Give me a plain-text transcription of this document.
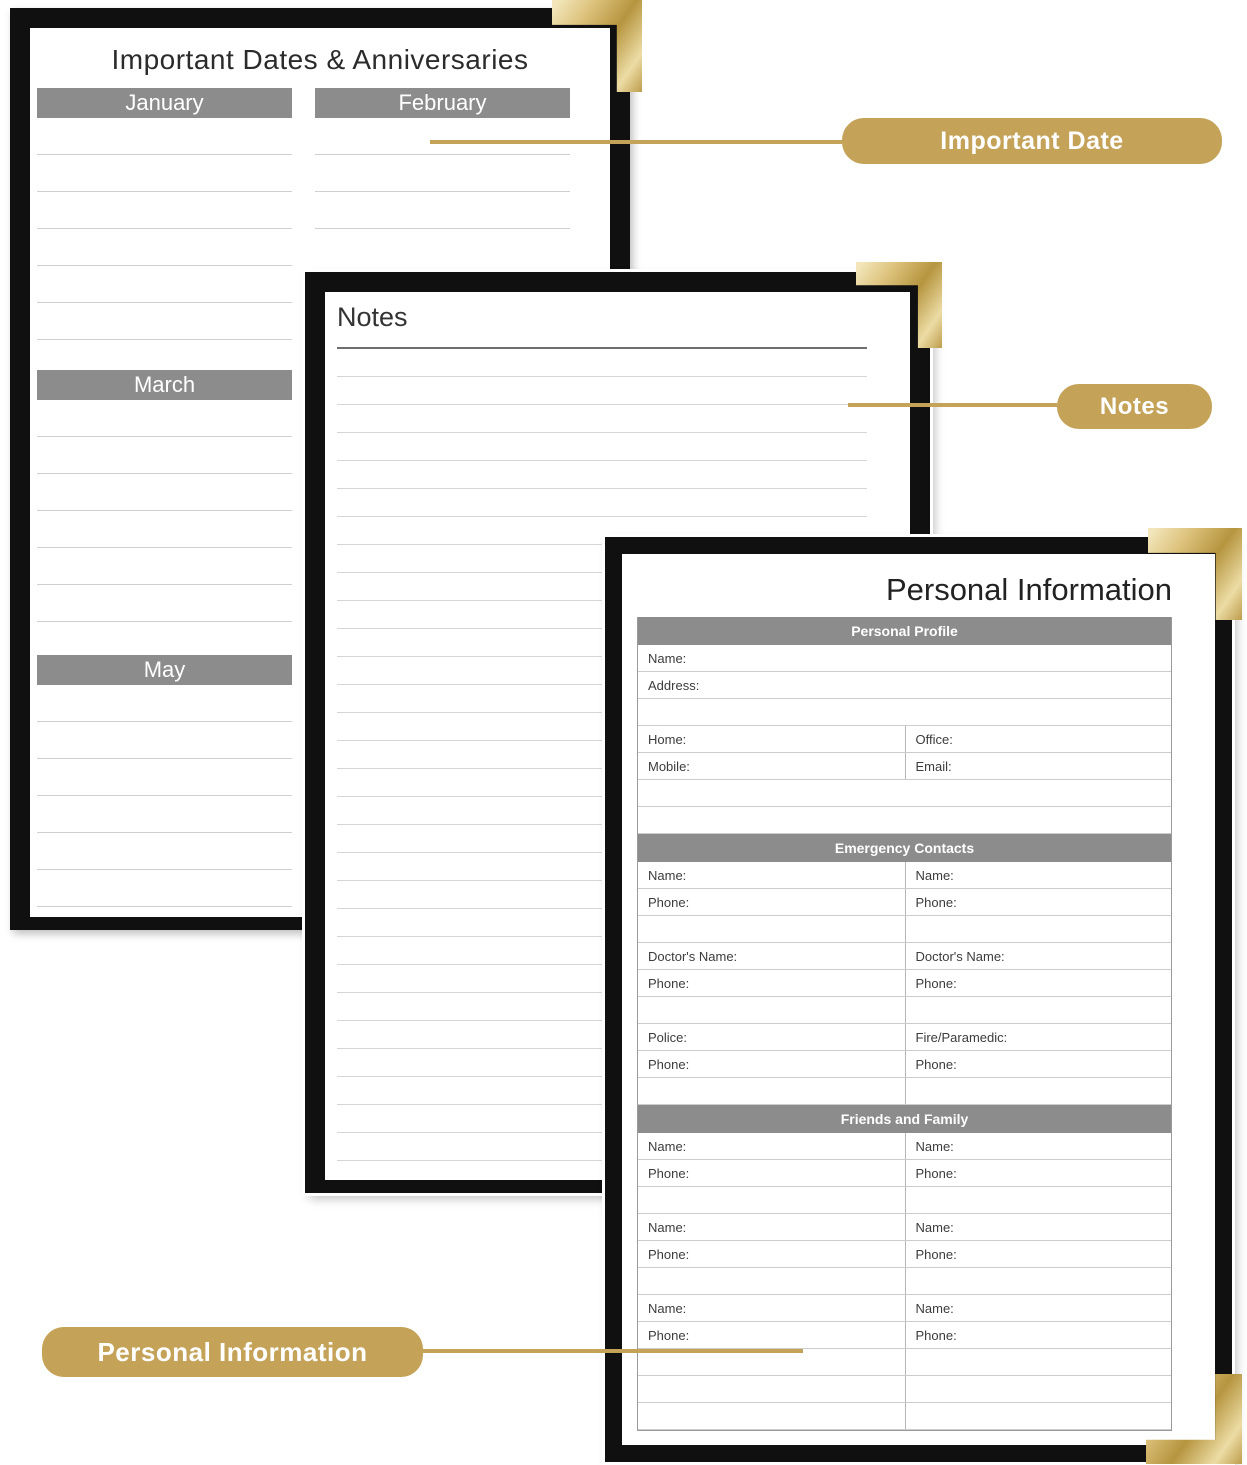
Important Dates & Anniversaries
January	February
March
May
Notes
Personal Information
Personal Profile
Name:
Address:
Home:	Office:
Mobile:	Email:
Emergency Contacts
Name:	Name:
Phone:	Phone:
Doctor's Name:	Doctor's Name:
Phone:	Phone:
Police:	Fire/Paramedic:
Phone:	Phone:
Friends and Family
Name:	Name:
Phone:	Phone:
Name:	Name:
Phone:	Phone:
Name:	Name:
Phone:	Phone:
Important Date
Notes
Personal Information
